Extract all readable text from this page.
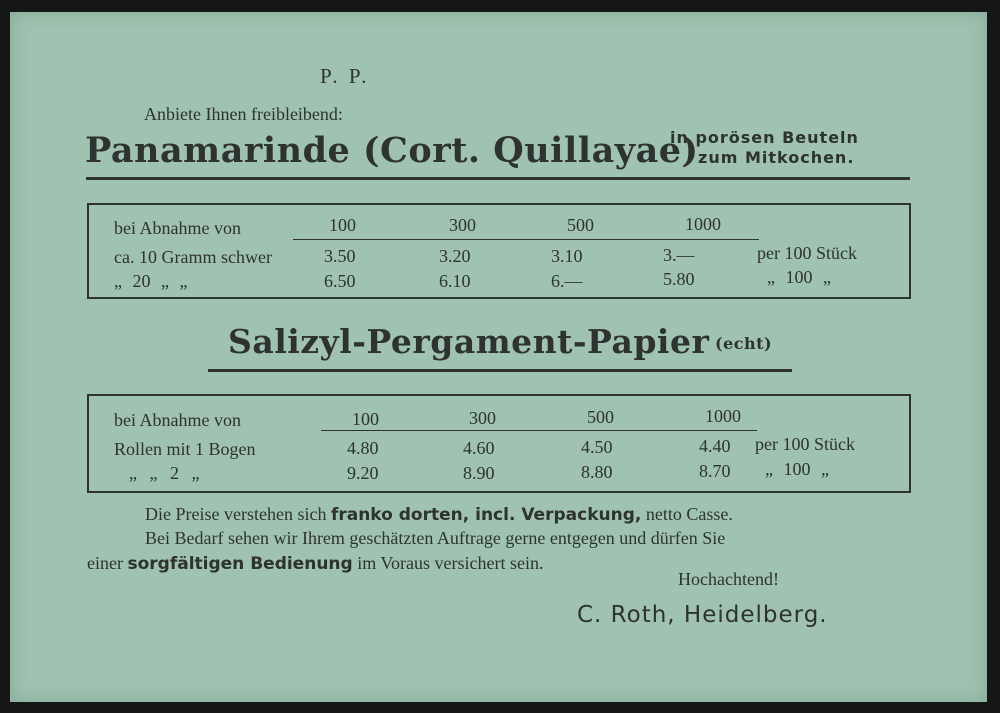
P. P.
Anbiete Ihnen freibleibend:
Panamarinde (Cort. Quillayae)
in porösen Beuteln
zum Mitkochen.
bei Abnahme von	100	300	500	1000
ca. 10 Gramm schwer	3.50	3.20	3.10	3.—	per 100 Stück
„ 20 „ „	6.50	6.10	6.—	5.80	„ 100 „
Salizyl-Pergament-Papier (echt)
bei Abnahme von	100	300	500	1000
Rollen mit 1 Bogen	4.80	4.60	4.50	4.40 per 100 Stück
„ „ 2 „	9.20	8.90	8.80	8.70 „ 100 „
Die Preise verstehen sich franko dorten, incl. Verpackung, netto Casse.
Bei Bedarf sehen wir Ihrem geschätzten Auftrage gerne entgegen und dürfen Sie
einer sorgfältigen Bedienung im Voraus versichert sein.
Hochachtend!
C. Roth, Heidelberg.
